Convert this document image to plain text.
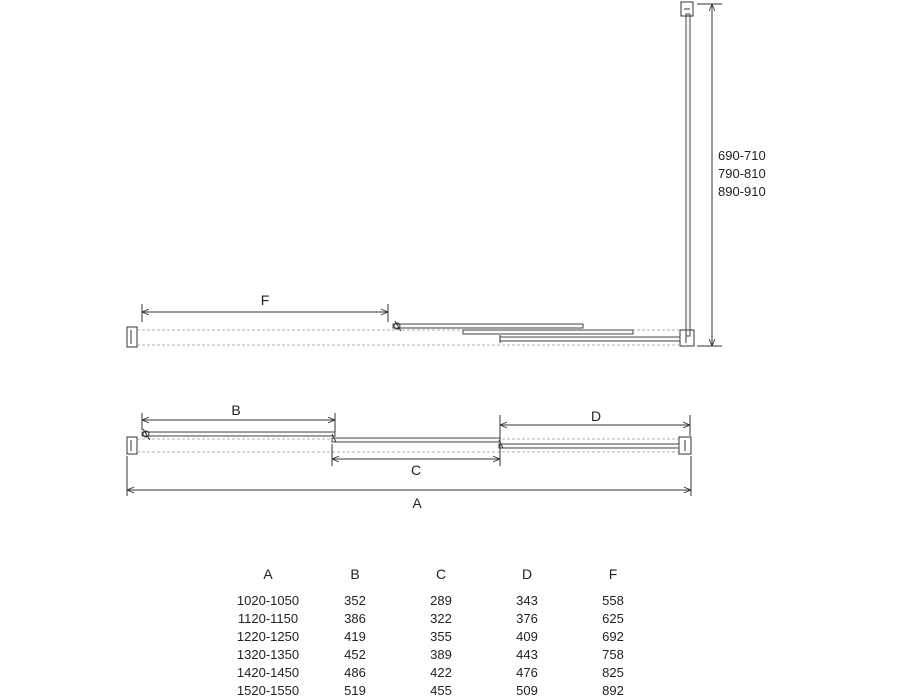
F
690-710
790-810
890-910
B
C
D
A
A	B	C	D	F
1020-1050	352	289	343	558
1120-1150	386	322	376	625
1220-1250	419	355	409	692
1320-1350	452	389	443	758
1420-1450	486	422	476	825
1520-1550	519	455	509	892
